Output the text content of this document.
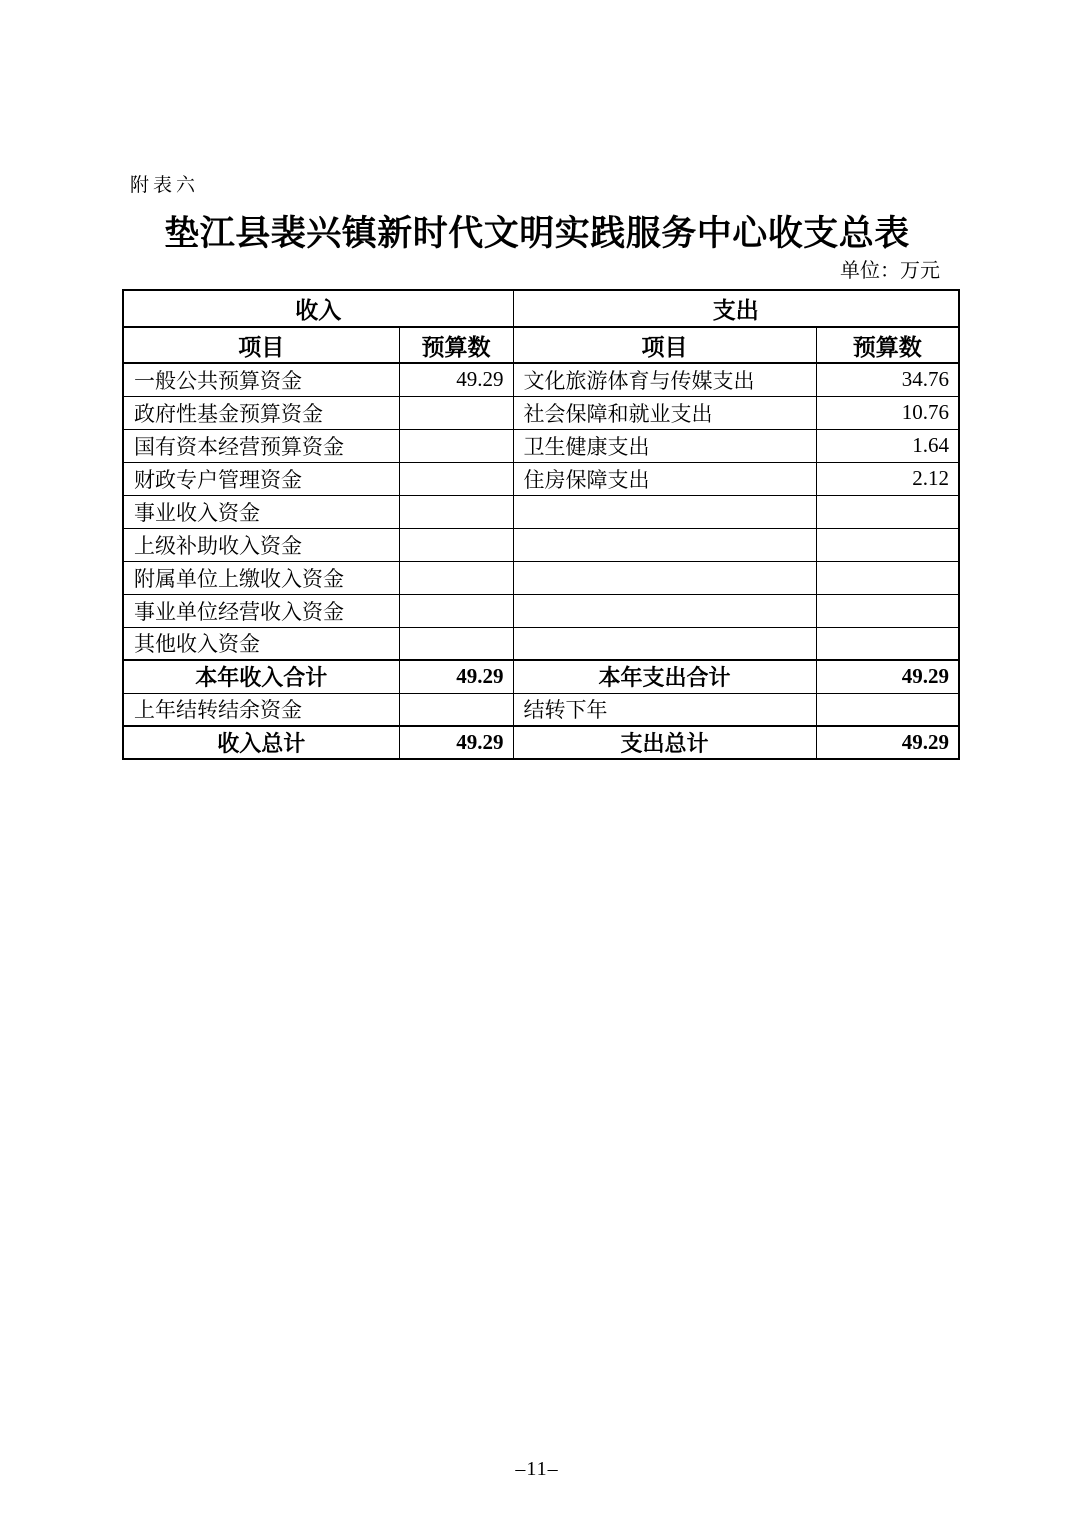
附表六
垫江县裴兴镇新时代文明实践服务中心收支总表
单位：万元
收入		支出	
项目	预算数	项目	预算数
一般公共预算资金	49.29	文化旅游体育与传媒支出	34.76
政府性基金预算资金		社会保障和就业支出	10.76
国有资本经营预算资金		卫生健康支出	1.64
财政专户管理资金		住房保障支出	2.12
事业收入资金			
上级补助收入资金			
附属单位上缴收入资金			
事业单位经营收入资金			
其他收入资金			
本年收入合计	49.29	本年支出合计	49.29
上年结转结余资金		结转下年	
收入总计	49.29	支出总计	49.29
–11–
